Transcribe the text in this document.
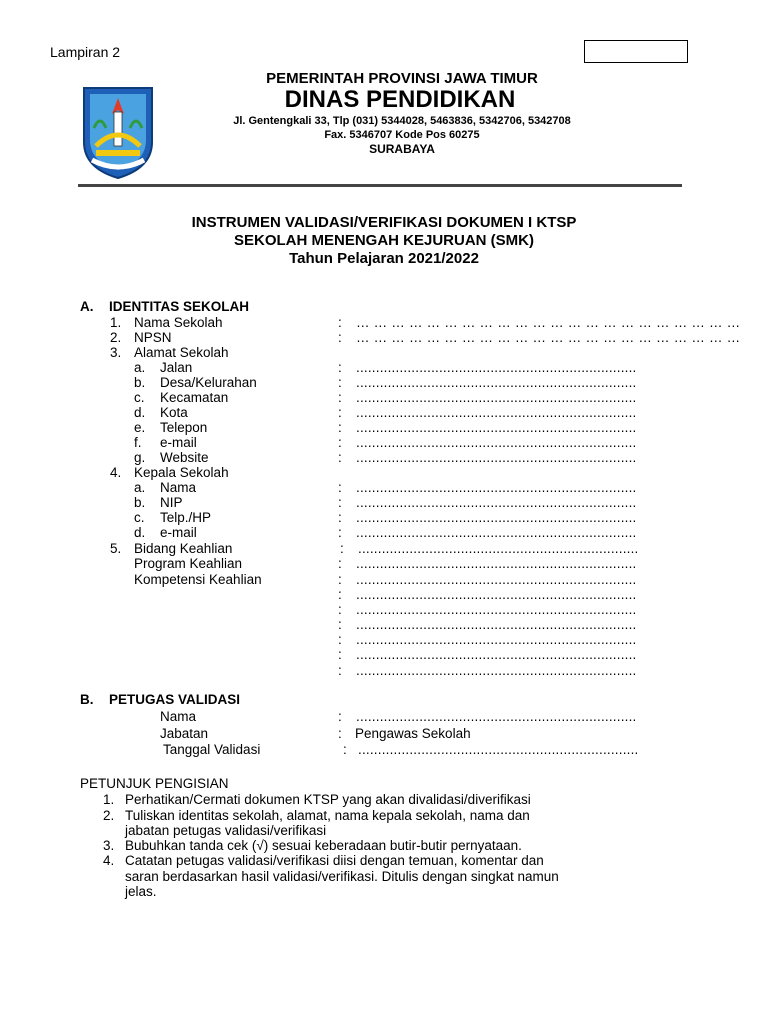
Lampiran 2
PEMERINTAH PROVINSI JAWA TIMUR
DINAS PENDIDIKAN
Jl. Gentengkali 33, Tlp (031) 5344028, 5463836, 5342706, 5342708
Fax. 5346707 Kode Pos 60275
SURABAYA
INSTRUMEN VALIDASI/VERIFIKASI DOKUMEN I KTSP
SEKOLAH MENENGAH KEJURUAN (SMK)
Tahun Pelajaran 2021/2022
A. IDENTITAS SEKOLAH
1. Nama Sekolah	: … … … … … … … … … … … … … … … … … … … … … …
2. NPSN	: … … … … … … … … … … … … … … … … … … … … … …
3. Alamat Sekolah
a. Jalan	: .......................................................................
b. Desa/Kelurahan	: .......................................................................
c. Kecamatan	: .......................................................................
d. Kota	: .......................................................................
e. Telepon	: .......................................................................
f. e-mail	: .......................................................................
g. Website	: .......................................................................
4. Kepala Sekolah
a. Nama	: .......................................................................
b. NIP	: .......................................................................
c. Telp./HP	: .......................................................................
d. e-mail	: .......................................................................
5. Bidang Keahlian	: .......................................................................
Program Keahlian	: .......................................................................
Kompetensi Keahlian	: .......................................................................
: .......................................................................
: .......................................................................
: .......................................................................
: .......................................................................
: .......................................................................
: .......................................................................
B. PETUGAS VALIDASI
Nama	: .......................................................................
Jabatan	: Pengawas Sekolah
Tanggal Validasi	: .......................................................................
PETUNJUK PENGISIAN
1. Perhatikan/Cermati dokumen KTSP yang akan divalidasi/diverifikasi
2. Tuliskan identitas sekolah, alamat, nama kepala sekolah, nama dan
jabatan petugas validasi/verifikasi
3. Bubuhkan tanda cek (√) sesuai keberadaan butir-butir pernyataan.
4. Catatan petugas validasi/verifikasi diisi dengan temuan, komentar dan
saran berdasarkan hasil validasi/verifikasi. Ditulis dengan singkat namun
jelas.
